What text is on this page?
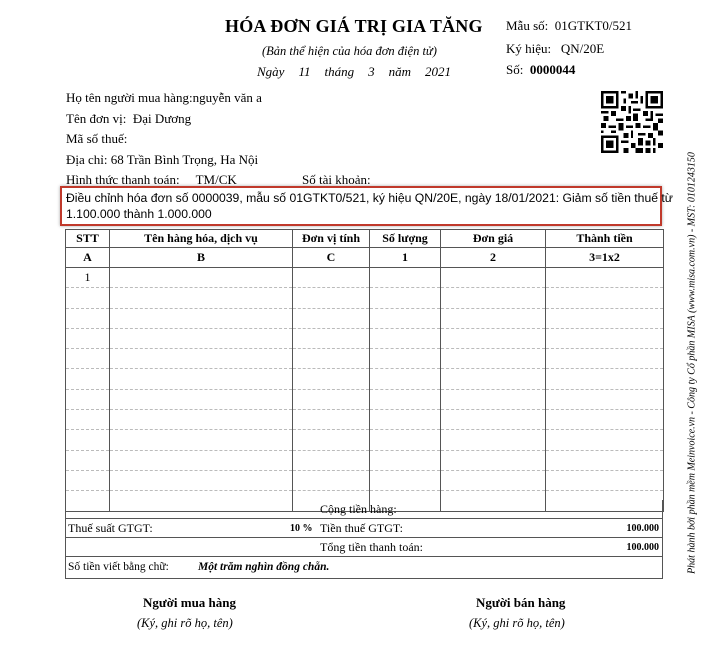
HÓA ĐƠN GIÁ TRỊ GIA TĂNG
(Bản thể hiện của hóa đơn điện tử)
Ngày 11 tháng 3 năm 2021
Mẫu số: 01GTKT0/521
Ký hiệu: QN/20E
Số: 0000044
Họ tên người mua hàng:nguyễn văn a
Tên đơn vị: Đại Dương
Mã số thuế:
Địa chỉ: 68 Trần Bình Trọng, Ha Nội
Hình thức thanh toán: TM/CK	Số tài khoản:
Điều chỉnh hóa đơn số 0000039, mẫu số 01GTKT0/521, ký hiệu QN/20E, ngày 18/01/2021: Giảm số tiền thuế từ 1.100.000 thành 1.000.000
STT	Tên hàng hóa, dịch vụ	Đơn vị tính	Số lượng	Đơn giá	Thành tiền
A	B	C	1	2	3=1x2
1					

Cộng tiền hàng:
Thuế suất GTGT:	10 % Tiền thuế GTGT:	100.000
Tổng tiền thanh toán:	100.000
Số tiền viết bằng chữ:	Một trăm nghìn đồng chẵn.
Người mua hàng
(Ký, ghi rõ họ, tên)
Người bán hàng
(Ký, ghi rõ họ, tên)
Phát hành bởi phần mềm Meinvoice.vn - Công ty Cổ phần MISA (www.misa.com.vn) - MST: 0101243150
